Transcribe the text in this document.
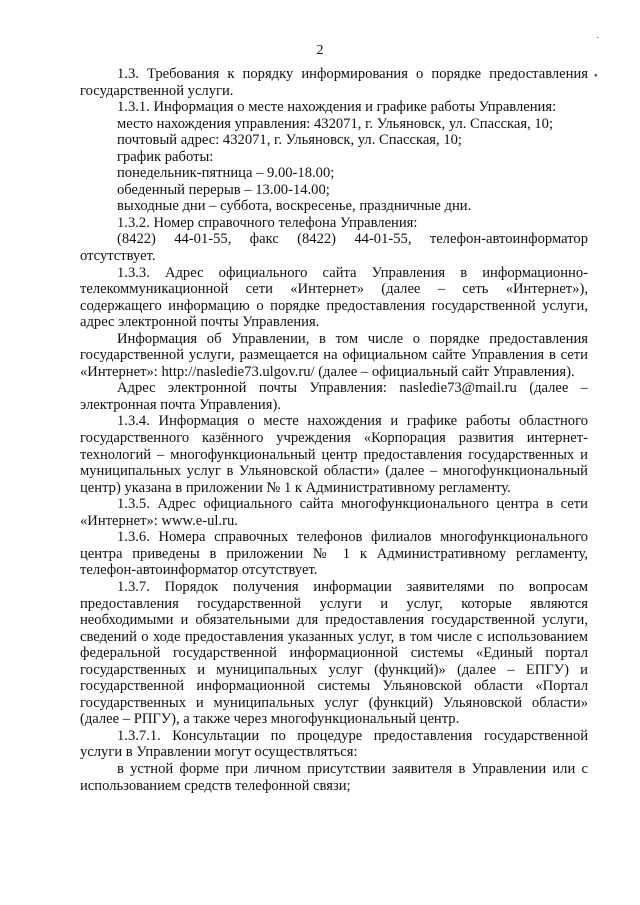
2
˙
•

1.3. Требования к порядку информирования о порядке предоставления государственной услуги.

1.3.1. Информация о месте нахождения и графике работы Управления:

место нахождения управления: 432071, г. Ульяновск, ул. Спасская, 10;

почтовый адрес: 432071, г. Ульяновск, ул. Спасская, 10;

график работы:

понедельник-пятница – 9.00-18.00;

обеденный перерыв – 13.00-14.00;

выходные дни – суббота, воскресенье, праздничные дни.

1.3.2. Номер справочного телефона Управления:

(8422) 44-01-55, факс (8422) 44-01-55, телефон-автоинформатор отсутствует.

1.3.3. Адрес официального сайта Управления в информационно-телекоммуникационной сети «Интернет» (далее – сеть «Интернет»), содержащего информацию о порядке предоставления государственной услуги, адрес электронной почты Управления.

Информация об Управлении, в том числе о порядке предоставления государственной услуги, размещается на официальном сайте Управления в сети «Интернет»: http://nasledie73.ulgov.ru/ (далее – официальный сайт Управления).

Адрес электронной почты Управления: nasledie73@mail.ru (далее – электронная почта Управления).

1.3.4. Информация о месте нахождения и графике работы областного государственного казённого учреждения «Корпорация развития интернет-технологий – многофункциональный центр предоставления государственных и муниципальных услуг в Ульяновской области» (далее – многофункциональный центр) указана в приложении № 1 к Административному регламенту.

1.3.5. Адрес официального сайта многофункционального центра в сети «Интернет»: www.e-ul.ru.

1.3.6. Номера справочных телефонов филиалов многофункционального центра приведены в приложении № 1 к Административному регламенту, телефон-автоинформатор отсутствует.

1.3.7. Порядок получения информации заявителями по вопросам предоставления государственной услуги и услуг, которые являются необходимыми и обязательными для предоставления государственной услуги, сведений о ходе предоставления указанных услуг, в том числе с использованием федеральной государственной информационной системы «Единый портал государственных и муниципальных услуг (функций)» (далее – ЕПГУ) и государственной информационной системы Ульяновской области «Портал государственных и муниципальных услуг (функций) Ульяновской области» (далее – РПГУ), а также через многофункциональный центр.

1.3.7.1. Консультации по процедуре предоставления государственной услуги в Управлении могут осуществляться:

в устной форме при личном присутствии заявителя в Управлении или с использованием средств телефонной связи;
